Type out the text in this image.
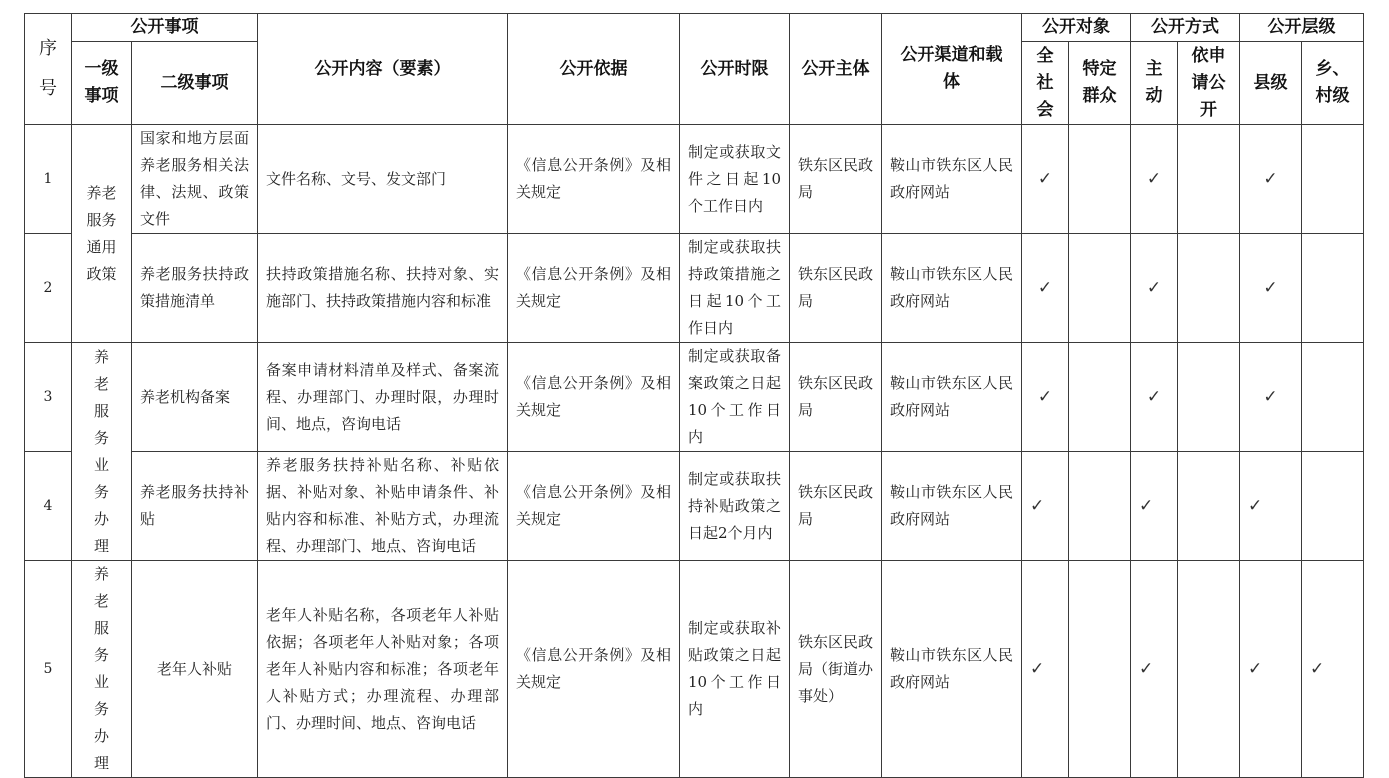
序号	公开事项		公开内容（要素）	公开依据	公开时限	公开主体	公开渠道和载体	公开对象		公开方式		公开层级	
	一级事项	二级事项						全社会	特定群众	主动	依申请公开	县级	乡、村级
1	养老服务通用政策	国家和地方层面养老服务相关法律、法规、政策文件	文件名称、文号、发文部门	《信息公开条例》及相关规定	制定或获取文件之日起10个工作日内	铁东区民政局	鞍山市铁东区人民政府网站	✓		✓		✓	
2		养老服务扶持政策措施清单	扶持政策措施名称、扶持对象、实施部门、扶持政策措施内容和标准	《信息公开条例》及相关规定	制定或获取扶持政策措施之日起10个工作日内	铁东区民政局	鞍山市铁东区人民政府网站	✓		✓		✓	
3	养老服务业务办理	养老机构备案	备案申请材料清单及样式、备案流程、办理部门、办理时限，办理时间、地点，咨询电话	《信息公开条例》及相关规定	制定或获取备案政策之日起10个工作日内	铁东区民政局	鞍山市铁东区人民政府网站	✓		✓		✓	
4		养老服务扶持补贴	养老服务扶持补贴名称、补贴依据、补贴对象、补贴申请条件、补贴内容和标准、补贴方式，办理流程、办理部门、地点、咨询电话	《信息公开条例》及相关规定	制定或获取扶持补贴政策之日起2个月内	铁东区民政局	鞍山市铁东区人民政府网站	✓		✓		✓	
5	养老服务业务办理	老年人补贴	老年人补贴名称，各项老年人补贴依据；各项老年人补贴对象；各项老年人补贴内容和标准；各项老年人补贴方式；办理流程、办理部门、办理时间、地点、咨询电话	《信息公开条例》及相关规定	制定或获取补贴政策之日起10个工作日内	铁东区民政局（街道办事处）	鞍山市铁东区人民政府网站	✓		✓		✓	✓
